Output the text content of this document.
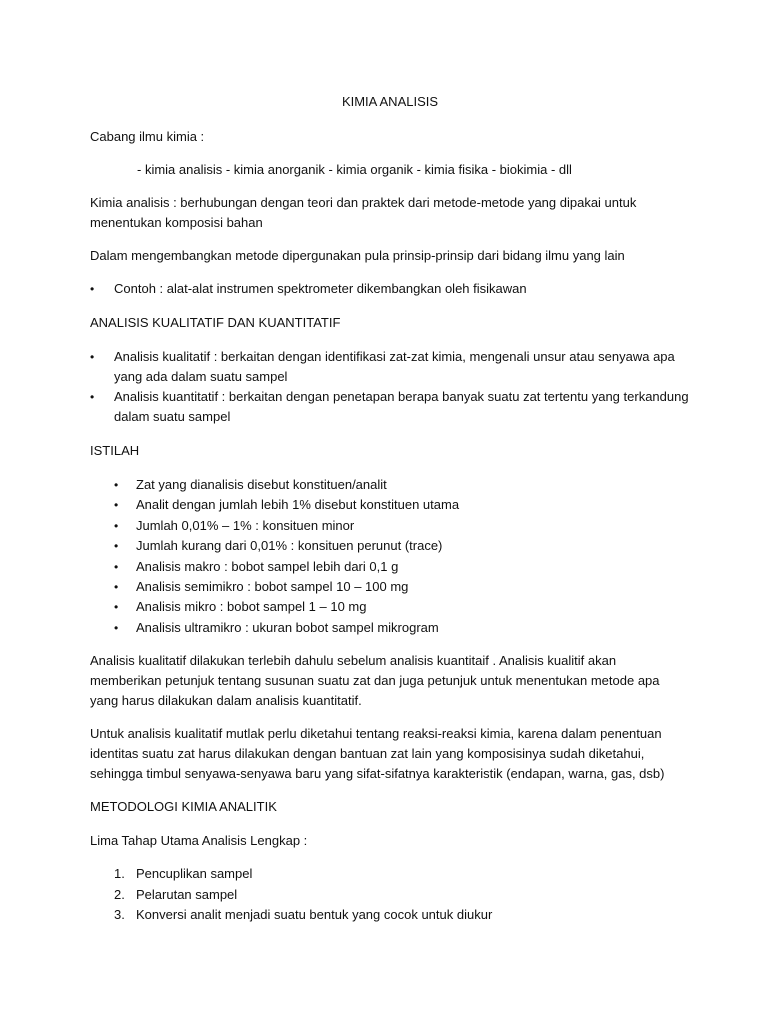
KIMIA ANALISIS

Cabang ilmu kimia :

- kimia analisis - kimia anorganik - kimia organik - kimia fisika - biokimia - dll

Kimia analisis : berhubungan dengan teori dan praktek dari metode-metode yang dipakai untuk menentukan komposisi bahan

Dalam mengembangkan metode dipergunakan pula prinsip-prinsip dari bidang ilmu yang lain

•	Contoh : alat-alat instrumen spektrometer dikembangkan oleh fisikawan

ANALISIS KUALITATIF DAN KUANTITATIF

•	Analisis kualitatif : berkaitan dengan identifikasi zat-zat kimia, mengenali unsur atau senyawa apa yang ada dalam suatu sampel
•	Analisis kuantitatif : berkaitan dengan penetapan berapa banyak suatu zat tertentu yang terkandung dalam suatu sampel

ISTILAH

• Zat yang dianalisis disebut konstituen/analit
• Analit dengan jumlah lebih 1% disebut konstituen utama
• Jumlah 0,01% – 1% : konsituen minor
• Jumlah kurang dari 0,01% : konsituen perunut (trace)
• Analisis makro : bobot sampel lebih dari 0,1 g
• Analisis semimikro : bobot sampel 10 – 100 mg
• Analisis mikro : bobot sampel 1 – 10 mg
• Analisis ultramikro : ukuran bobot sampel mikrogram

Analisis kualitatif dilakukan terlebih dahulu sebelum analisis kuantitaif . Analisis kualitif akan memberikan petunjuk tentang susunan suatu zat dan juga petunjuk untuk menentukan metode apa yang harus dilakukan dalam analisis kuantitatif.

Untuk analisis kualitatif mutlak perlu diketahui tentang reaksi-reaksi kimia, karena dalam penentuan identitas suatu zat harus dilakukan dengan bantuan zat lain yang komposisinya sudah diketahui, sehingga timbul senyawa-senyawa baru yang sifat-sifatnya karakteristik (endapan, warna, gas, dsb)

METODOLOGI KIMIA ANALITIK

Lima Tahap Utama Analisis Lengkap :

1. Pencuplikan sampel
2. Pelarutan sampel
3. Konversi analit menjadi suatu bentuk yang cocok untuk diukur
